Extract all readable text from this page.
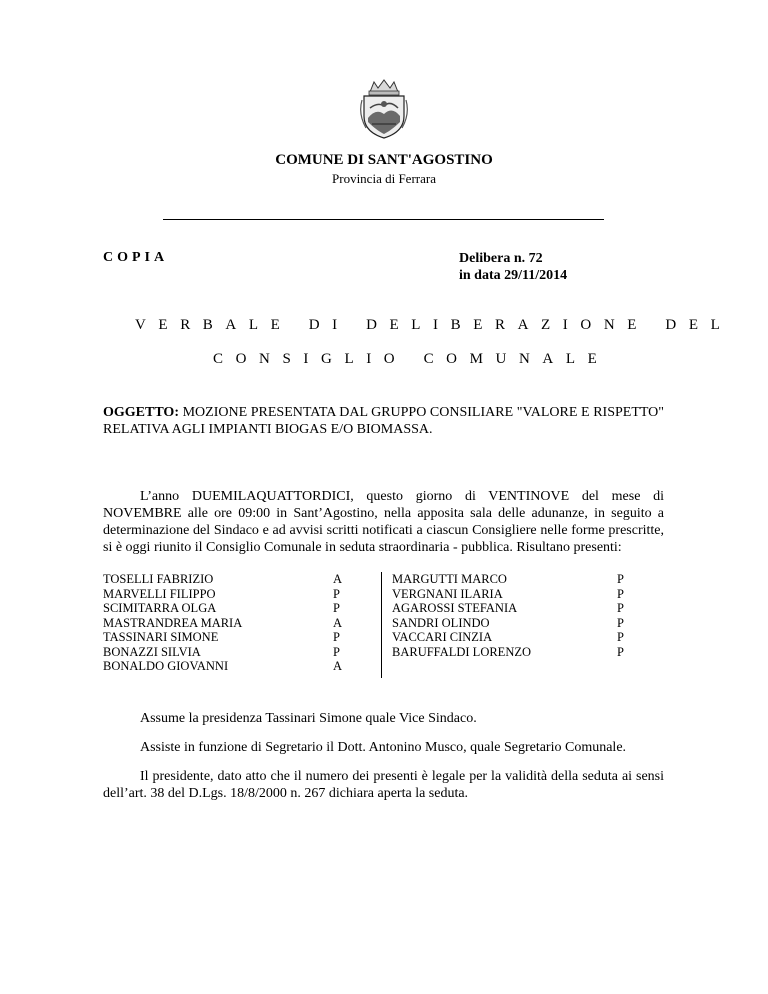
COMUNE DI SANT'AGOSTINO
Provincia di Ferrara
COPIA	Delibera n. 72
in data 29/11/2014
VERBALE DI DELIBERAZIONE DEL
CONSIGLIO COMUNALE
OGGETTO: MOZIONE PRESENTATA DAL GRUPPO CONSILIARE "VALORE E RISPETTO" RELATIVA AGLI IMPIANTI BIOGAS E/O BIOMASSA.
L’anno DUEMILAQUATTORDICI, questo giorno di VENTINOVE del mese di NOVEMBRE alle ore 09:00 in Sant’Agostino, nella apposita sala delle adunanze, in seguito a determinazione del Sindaco e ad avvisi scritti notificati a ciascun Consigliere nelle forme prescritte, si è oggi riunito il Consiglio Comunale in seduta straordinaria - pubblica. Risultano presenti:
TOSELLI FABRIZIO	A
MARVELLI FILIPPO	P
SCIMITARRA OLGA	P
MASTRANDREA MARIA	A
TASSINARI SIMONE	P
BONAZZI SILVIA	P
BONALDO GIOVANNI	A
MARGUTTI MARCO	P
VERGNANI ILARIA	P
AGAROSSI STEFANIA	P
SANDRI OLINDO	P
VACCARI CINZIA	P
BARUFFALDI LORENZO	P
Assume la presidenza Tassinari Simone quale Vice Sindaco.
Assiste in funzione di Segretario il Dott. Antonino Musco, quale Segretario Comunale.
Il presidente, dato atto che il numero dei presenti è legale per la validità della seduta ai sensi dell’art. 38 del D.Lgs. 18/8/2000 n. 267 dichiara aperta la seduta.
